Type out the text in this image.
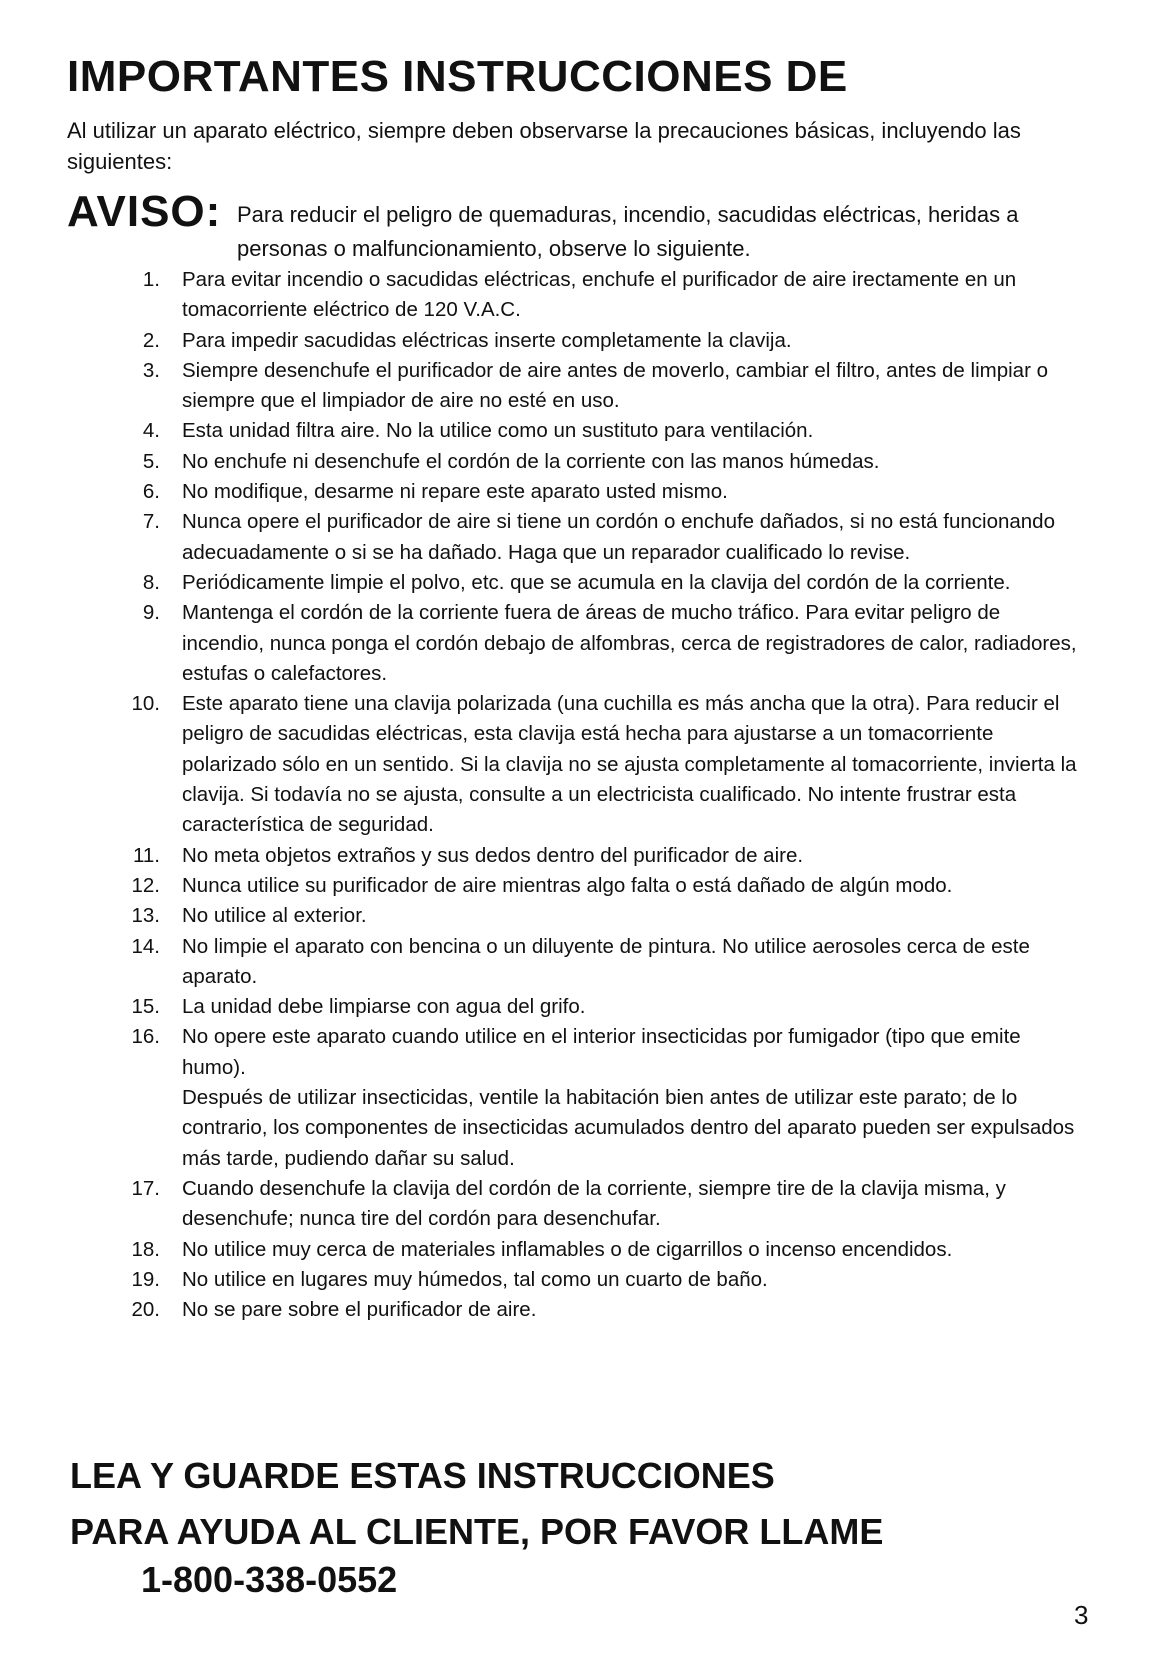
IMPORTANTES INSTRUCCIONES DE

Al utilizar un aparato eléctrico, siempre deben observarse la precauciones básicas, incluyendo las siguientes:

AVISO: Para reducir el peligro de quemaduras, incendio, sacudidas eléctricas, heridas a personas o malfuncionamiento, observe lo siguiente.

1.	Para evitar incendio o sacudidas eléctricas, enchufe el purificador de aire irectamente en un tomacorriente eléctrico de 120 V.A.C.
2.	Para impedir sacudidas eléctricas inserte completamente la clavija.
3.	Siempre desenchufe el purificador de aire antes de moverlo, cambiar el filtro, antes de limpiar o siempre que el limpiador de aire no esté en uso.
4.	Esta unidad filtra aire. No la utilice como un sustituto para ventilación.
5.	No enchufe ni desenchufe el cordón de la corriente con las manos húmedas.
6.	No modifique, desarme ni repare este aparato usted mismo.
7.	Nunca opere el purificador de aire si tiene un cordón o enchufe dañados, si no está funcionando adecuadamente o si se ha dañado. Haga que un reparador cualificado lo revise.
8.	Periódicamente limpie el polvo, etc. que se acumula en la clavija del cordón de la corriente.
9.	Mantenga el cordón de la corriente fuera de áreas de mucho tráfico. Para evitar peligro de incendio, nunca ponga el cordón debajo de alfombras, cerca de registradores de calor, radiadores, estufas o calefactores.
10.	Este aparato tiene una clavija polarizada (una cuchilla es más ancha que la otra). Para reducir el peligro de sacudidas eléctricas, esta clavija está hecha para ajustarse a un tomacorriente polarizado sólo en un sentido. Si la clavija no se ajusta completamente al tomacorriente, invierta la clavija. Si todavía no se ajusta, consulte a un electricista cualificado. No intente frustrar esta característica de seguridad.
11.	No meta objetos extraños y sus dedos dentro del purificador de aire.
12.	Nunca utilice su purificador de aire mientras algo falta o está dañado de algún modo.
13.	No utilice al exterior.
14.	No limpie el aparato con bencina o un diluyente de pintura. No utilice aerosoles cerca de este aparato.
15.	La unidad debe limpiarse con agua del grifo.
16.	No opere este aparato cuando utilice en el interior insecticidas por fumigador (tipo que emite humo).
Después de utilizar insecticidas, ventile la habitación bien antes de utilizar este parato; de lo contrario, los componentes de insecticidas acumulados dentro del aparato pueden ser expulsados más tarde, pudiendo dañar su salud.
17.	Cuando desenchufe la clavija del cordón de la corriente, siempre tire de la clavija misma, y desenchufe; nunca tire del cordón para desenchufar.
18.	No utilice muy cerca de materiales inflamables o de cigarrillos o incenso encendidos.
19.	No utilice en lugares muy húmedos, tal como un cuarto de baño.
20.	No se pare sobre el purificador de aire.
LEA Y GUARDE ESTAS INSTRUCCIONES
PARA AYUDA AL CLIENTE, POR FAVOR LLAME
1-800-338-0552
3
